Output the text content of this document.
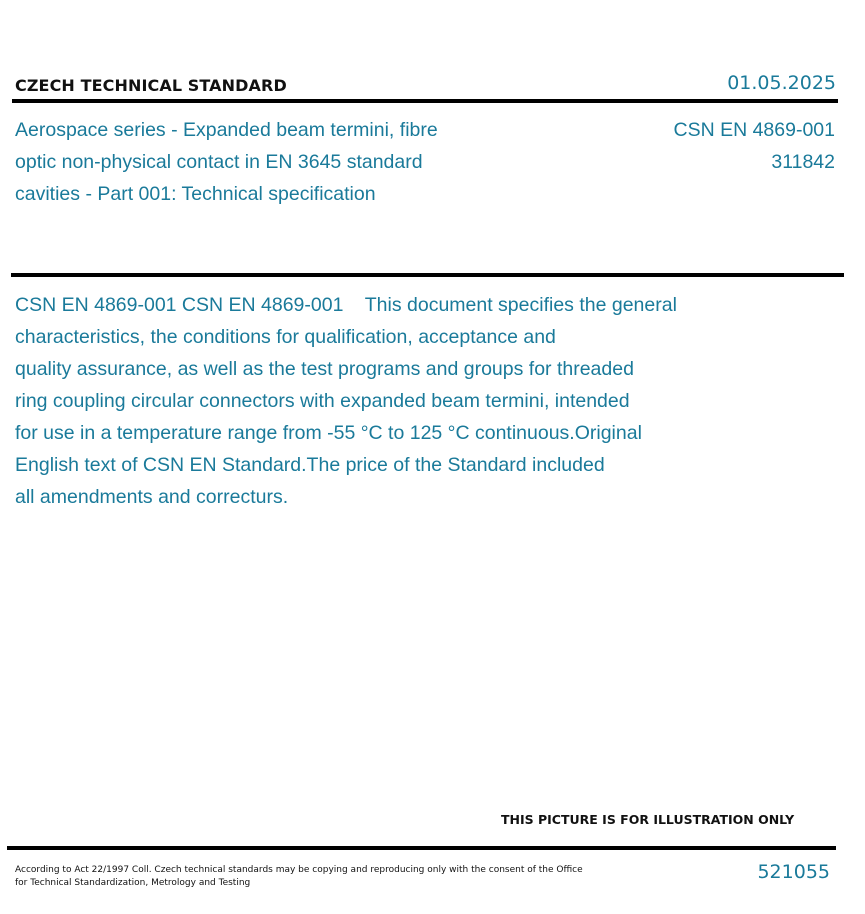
CZECH TECHNICAL STANDARD	01.05.2025
Aerospace series - Expanded beam termini, fibre
optic non-physical contact in EN 3645 standard
cavities - Part 001: Technical specification
CSN EN 4869-001
311842
CSN EN 4869-001 CSN EN 4869-001    This document specifies the general
characteristics, the conditions for qualification, acceptance and
quality assurance, as well as the test programs and groups for threaded
ring coupling circular connectors with expanded beam termini, intended
for use in a temperature range from -55 °C to 125 °C continuous.Original
English text of CSN EN Standard.The price of the Standard included
all amendments and correcturs.
THIS PICTURE IS FOR ILLUSTRATION ONLY
According to Act 22/1997 Coll. Czech technical standards may be copying and reproducing only with the consent of the Office
for Technical Standardization, Metrology and Testing	521055
